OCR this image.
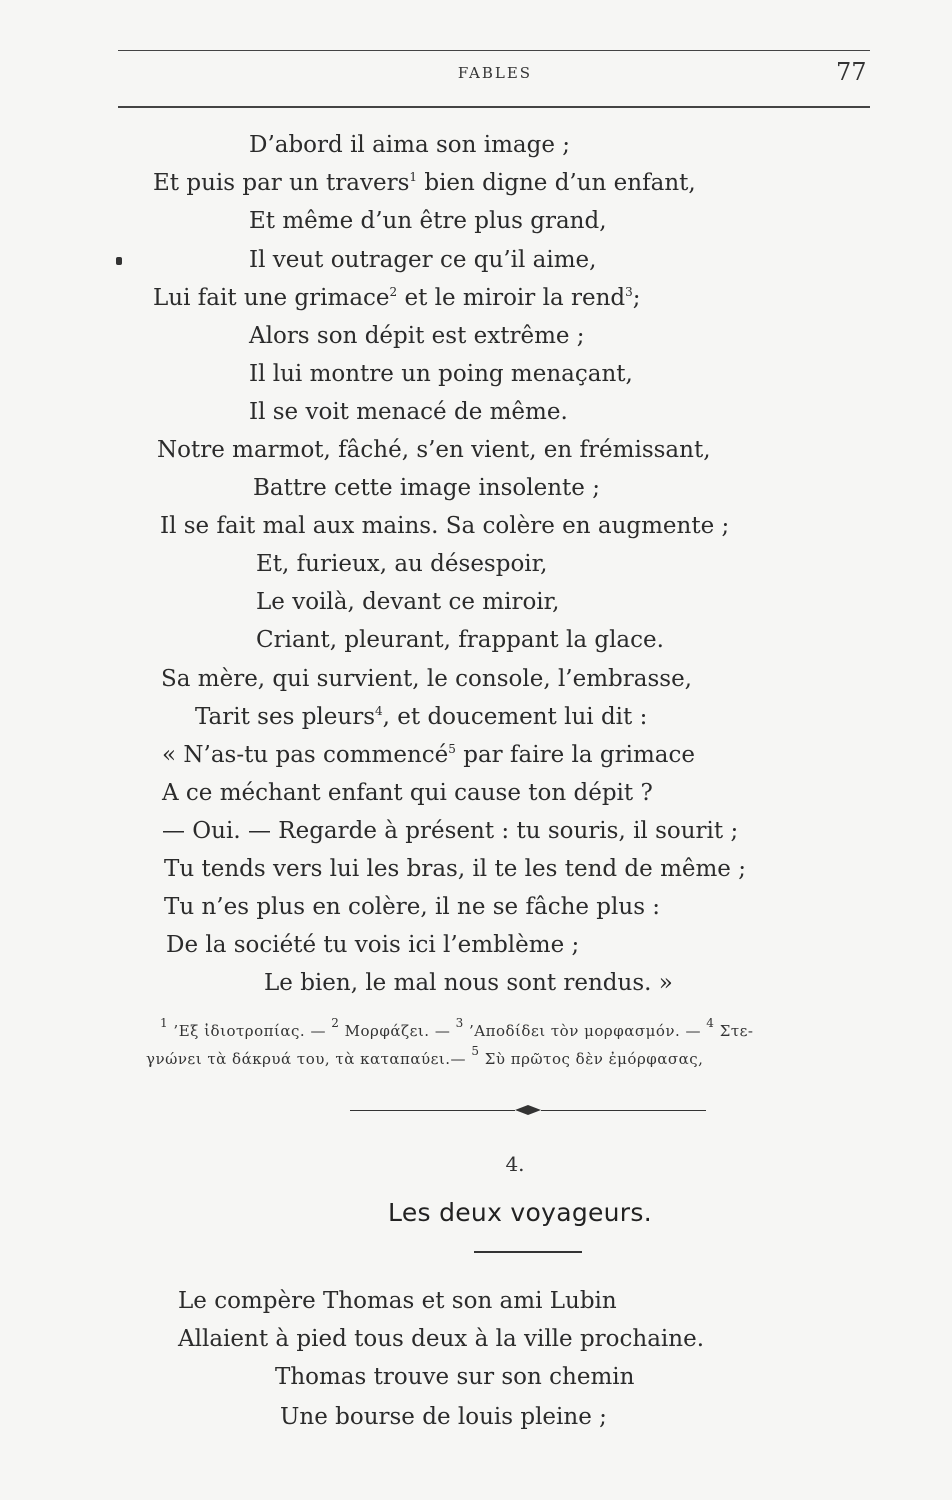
FABLES	77
D’abord il aima son image ;
Et puis par un travers$^1$ bien digne d’un enfant,
Et même d’un être plus grand,
Il veut outrager ce qu’il aime,
Lui fait une grimace$^2$ et le miroir la rend$^3$;
Alors son dépit est extrême ;
Il lui montre un poing menaçant,
Il se voit menacé de même.
Notre marmot, fâché, s’en vient, en frémissant,
Battre cette image insolente ;
Il se fait mal aux mains. Sa colère en augmente ;
Et, furieux, au désespoir,
Le voilà, devant ce miroir,
Criant, pleurant, frappant la glace.
Sa mère, qui survient, le console, l’embrasse,
Tarit ses pleurs$^4$, et doucement lui dit :
« N’as-tu pas commencé$^5$ par faire la grimace
A ce méchant enfant qui cause ton dépit ?
— Oui. — Regarde à présent : tu souris, il sourit ;
Tu tends vers lui les bras, il te les tend de même ;
Tu n’es plus en colère, il ne se fâche plus :
De la société tu vois ici l’emblème ;
Le bien, le mal nous sont rendus. »
$^1$ ’Εξ ἰδιοτροπίας. — $^2$ Μορφάζει. — $^3$ ’Αποδίδει τὸν μορφασμόν. — $^4$ Στε-
γνώνει τὰ δάκρυά του, τὰ καταπαύει.— $^5$ Σὺ πρῶτος δὲν ἐμόρφασας,
4.
Les deux voyageurs.
Le compère Thomas et son ami Lubin
Allaient à pied tous deux à la ville prochaine.
Thomas trouve sur son chemin
Une bourse de louis pleine ;
